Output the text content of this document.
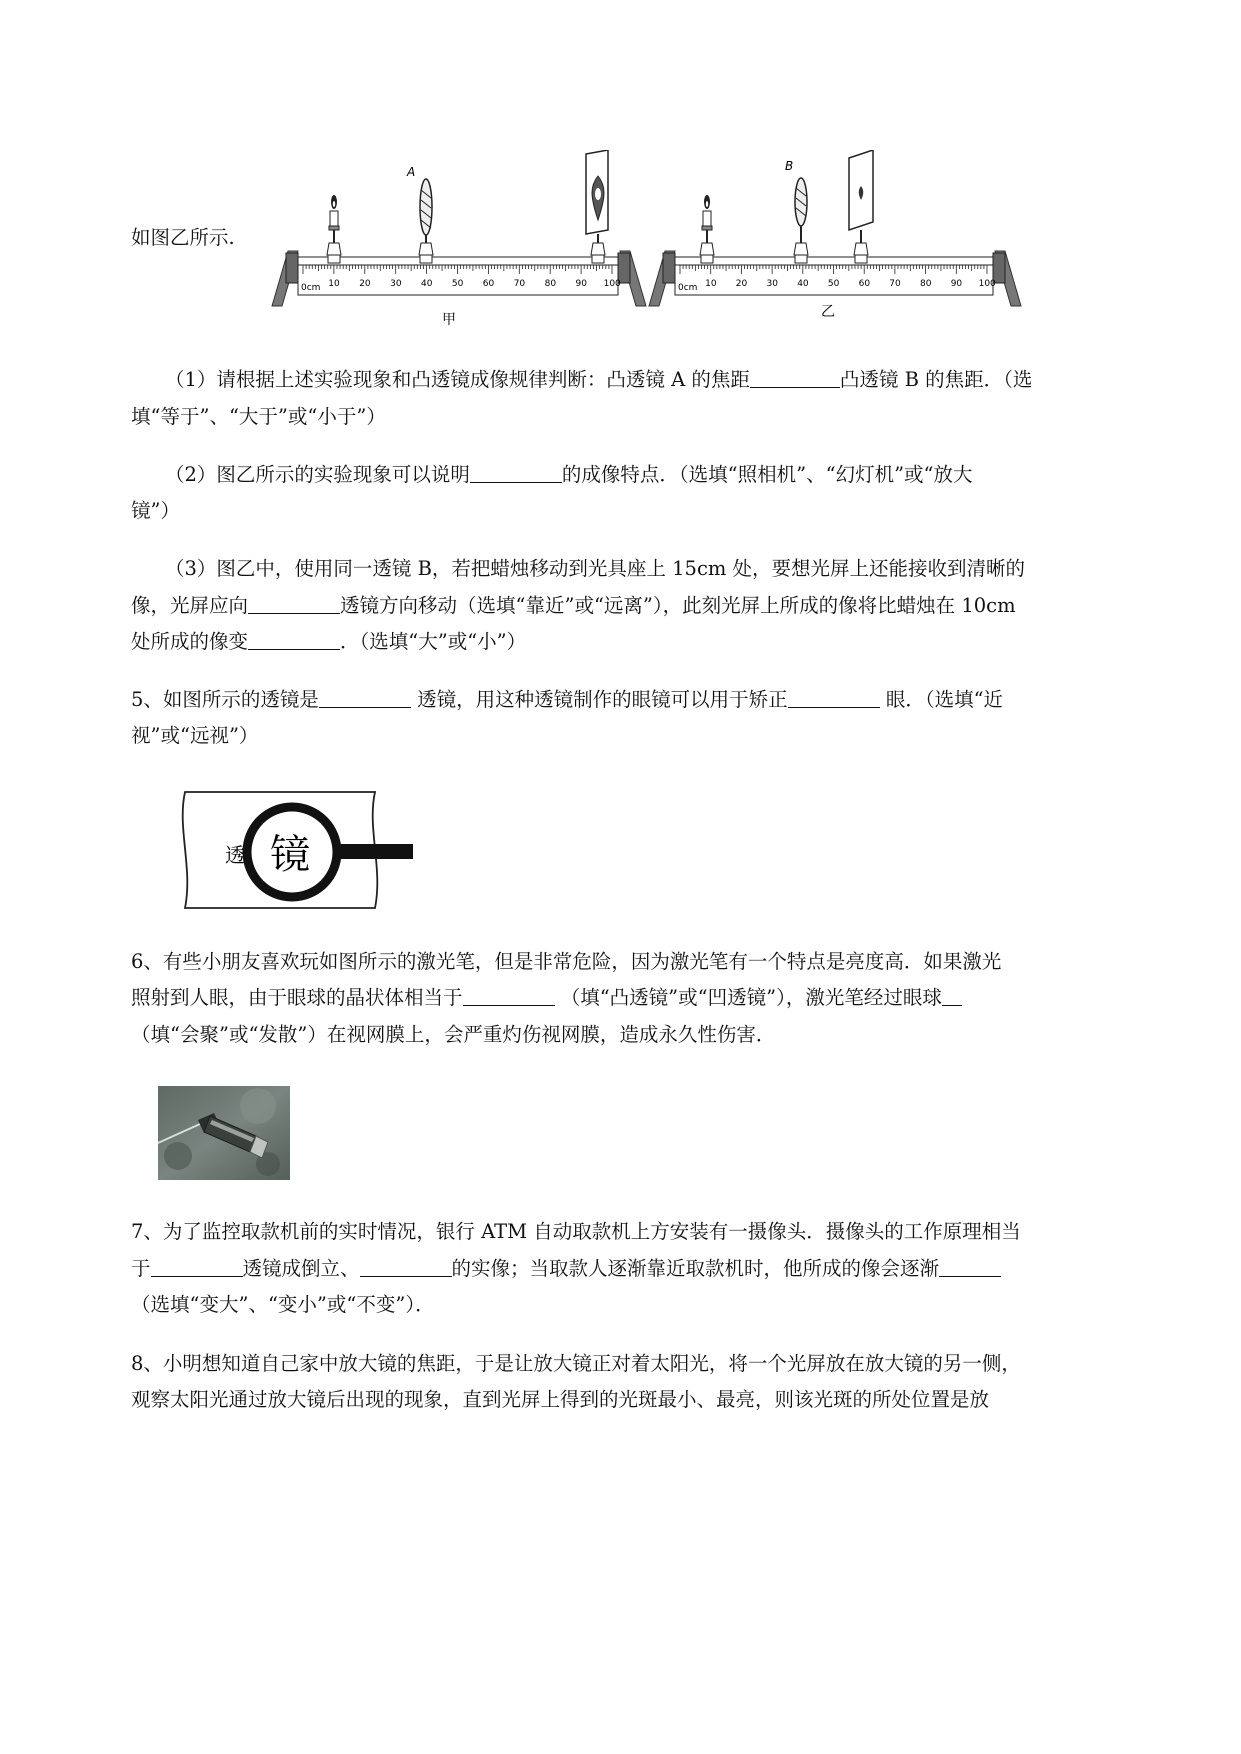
如图乙所示.
0cm 10 20 30 40 50 60 70 80 90 100
A
甲
0cm 10 20 30 40 50 60 70 80 90 100
B
乙
（1）请根据上述实验现象和凸透镜成像规律判断：凸透镜 A 的焦距	凸透镜 B 的焦距．（选
填“等于”、“大于”或“小于”）
（2）图乙所示的实验现象可以说明	的成像特点．（选填“照相机”、“幻灯机”或“放大
镜”）
（3）图乙中，使用同一透镜 B，若把蜡烛移动到光具座上 15cm 处，要想光屏上还能接收到清晰的
像，光屏应向	透镜方向移动（选填“靠近”或“远离”），此刻光屏上所成的像将比蜡烛在 10cm
处所成的像变	．（选填“大”或“小”）
5、如图所示的透镜是	透镜，用这种透镜制作的眼镜可以用于矫正	眼．（选填“近
视”或“远视”）
透 镜
6、有些小朋友喜欢玩如图所示的激光笔，但是非常危险，因为激光笔有一个特点是亮度高．如果激光
照射到人眼，由于眼球的晶状体相当于	（填“凸透镜”或“凹透镜”），激光笔经过眼球
（填“会聚”或“发散”）在视网膜上，会严重灼伤视网膜，造成永久性伤害．
7、为了监控取款机前的实时情况，银行 ATM 自动取款机上方安装有一摄像头．摄像头的工作原理相当
于	透镜成倒立、	的实像；当取款人逐渐靠近取款机时，他所成的像会逐渐
（选填“变大”、“变小”或“不变”）．
8、小明想知道自己家中放大镜的焦距，于是让放大镜正对着太阳光，将一个光屏放在放大镜的另一侧，
观察太阳光通过放大镜后出现的现象，直到光屏上得到的光斑最小、最亮，则该光斑的所处位置是放
